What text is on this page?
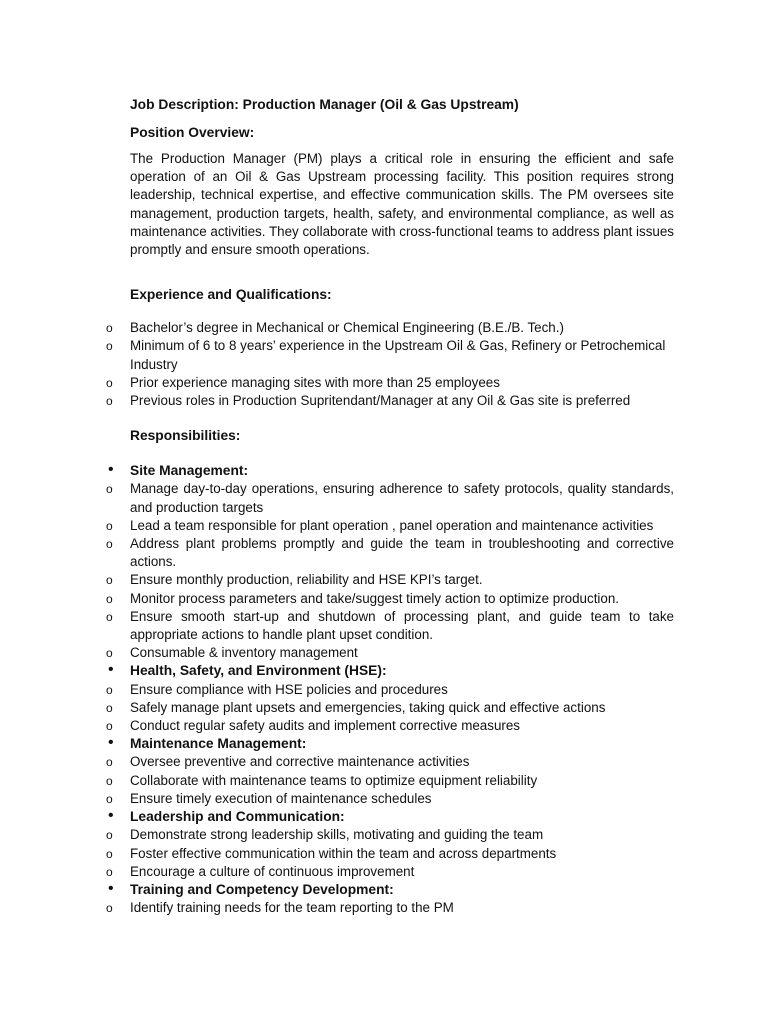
Job Description: Production Manager (Oil & Gas Upstream)
Position Overview:

The Production Manager (PM) plays a critical role in ensuring the efficient and safe operation of an Oil & Gas Upstream processing facility. This position requires strong leadership, technical expertise, and effective communication skills. The PM oversees site management, production targets, health, safety, and environmental compliance, as well as maintenance activities. They collaborate with cross-functional teams to address plant issues promptly and ensure smooth operations.

Experience and Qualifications:
o	Bachelor’s degree in Mechanical or Chemical Engineering (B.E./B. Tech.)
o	Minimum of 6 to 8 years’ experience in the Upstream Oil & Gas, Refinery or Petrochemical Industry
o	Prior experience managing sites with more than 25 employees
o	Previous roles in Production Supritendant/Manager at any Oil & Gas site is preferred
Responsibilities:
•	Site Management:
o	Manage day-to-day operations, ensuring adherence to safety protocols, quality standards, and production targets
o	Lead a team responsible for plant operation , panel operation and maintenance activities
o	Address plant problems promptly and guide the team in troubleshooting and corrective actions.
o	Ensure monthly production, reliability and HSE KPI’s target.
o	Monitor process parameters and take/suggest timely action to optimize production.
o	Ensure smooth start-up and shutdown of processing plant, and guide team to take appropriate actions to handle plant upset condition.
o	Consumable & inventory management
•	Health, Safety, and Environment (HSE):
o	Ensure compliance with HSE policies and procedures
o	Safely manage plant upsets and emergencies, taking quick and effective actions
o	Conduct regular safety audits and implement corrective measures
•	Maintenance Management:
o	Oversee preventive and corrective maintenance activities
o	Collaborate with maintenance teams to optimize equipment reliability
o	Ensure timely execution of maintenance schedules
•	Leadership and Communication:
o	Demonstrate strong leadership skills, motivating and guiding the team
o	Foster effective communication within the team and across departments
o	Encourage a culture of continuous improvement
•	Training and Competency Development:
o	Identify training needs for the team reporting to the PM
